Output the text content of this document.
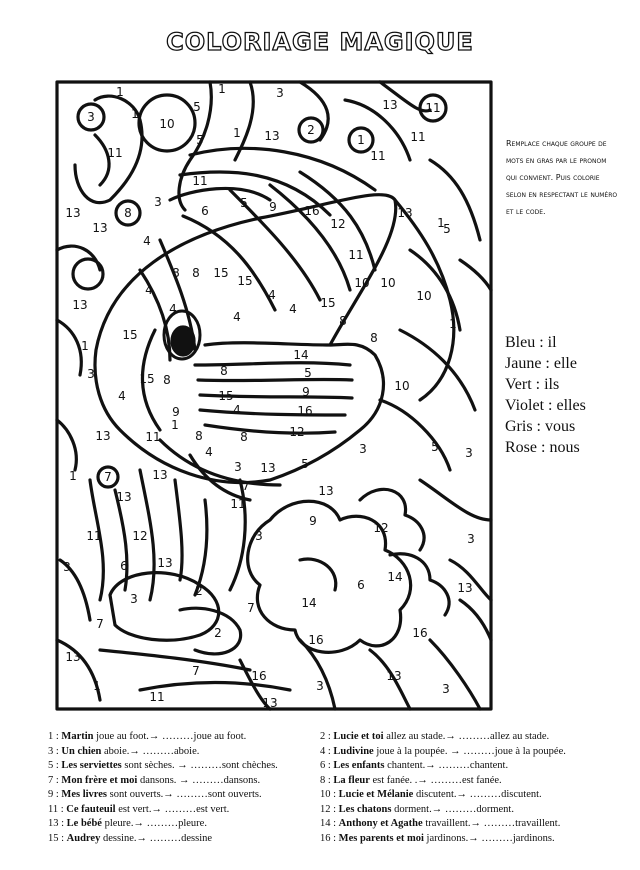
3
1
5
1	3
13 11
10
5 1 13 2
1	11
1
11	11
8
3	5 9 16
12
13
6
11
13
13
4
8 8 15
15
4
11
10 10
1
5
13
15
4
4	4 15
8
10
4
8
1
1
15 8
14
5
3
15
8
9
4
16
10
9
13	11
4
8	8	12
1
3	5 3
4
1
13 5
3
7	13
7
13
11
11
12
6
9	12
3
13
3
6
13
2
7
2
14
14
13
16	16
3
7
3
13
7	16
3
1
11
3
13
13
COLORIAGE MAGIQUE
Remplace chaque groupe de mots en gras par le pronom qui convient. Puis colorie selon en respectant le numéro et le code.
Bleu : il
Jaune : elle
Vert : ils
Violet : elles
Gris : vous
Rose : nous
1 : Martin joue au foot.→ ………joue au foot.	2 : Lucie et toi allez au stade.→ ………allez au stade.
3 : Un chien aboie.→ ………aboie.	4 : Ludivine joue à la poupée. → ………joue à la poupée.
5 : Les serviettes sont sèches. → ………sont chèches.	6 : Les enfants chantent.→ ………chantent.
7 : Mon frère et moi dansons. → ………dansons.	8 : La fleur est fanée. .→ ………est fanée.
9 : Mes livres sont ouverts.→ ………sont ouverts.	10 : Lucie et Mélanie discutent.→ ………discutent.
11 : Ce fauteuil est vert.→ ………est vert.	12 : Les chatons dorment.→ ………dorment.
13 : Le bébé pleure.→ ………pleure.	14 : Anthony et Agathe travaillent.→ ………travaillent.
15 : Audrey dessine.→ ………dessine	16 : Mes parents et moi jardinons.→ ………jardinons.
